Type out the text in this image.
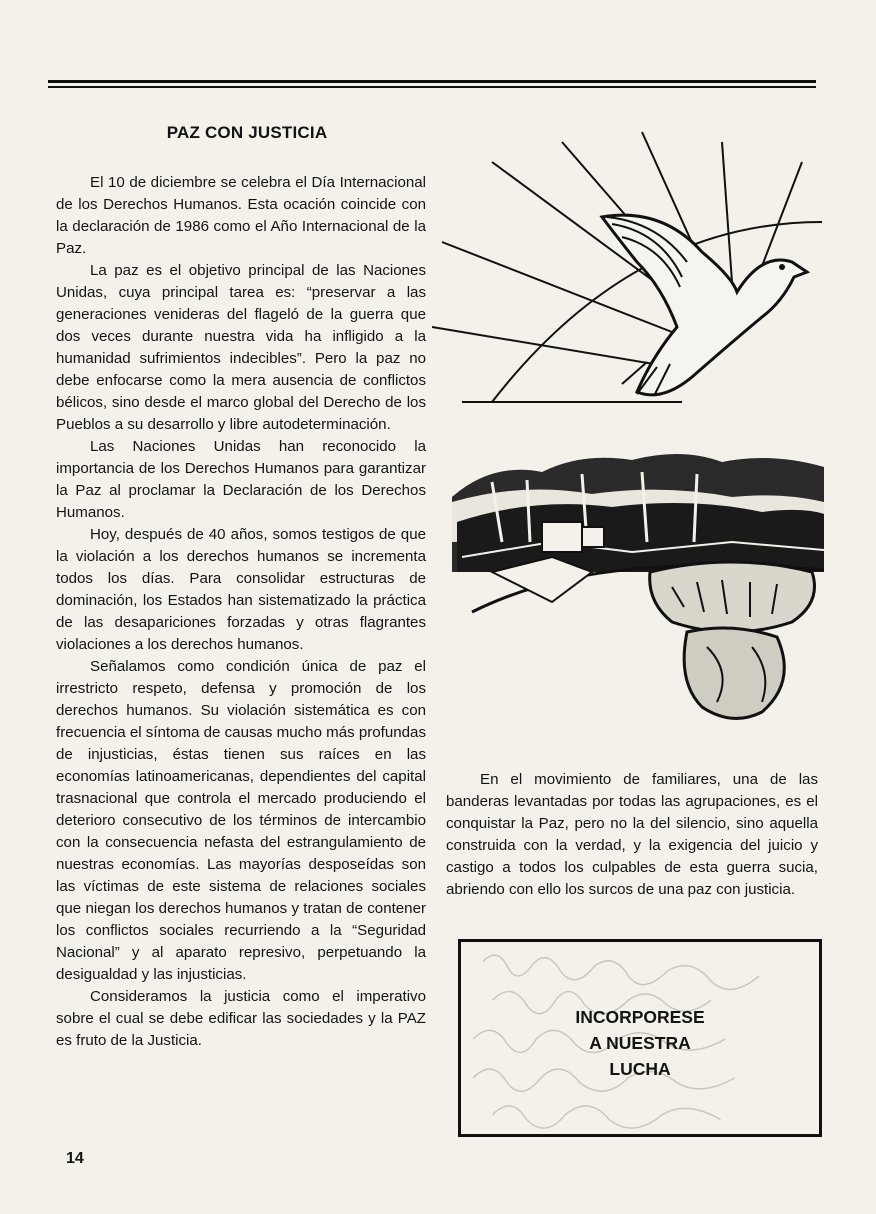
PAZ CON JUSTICIA

El 10 de diciembre se celebra el Día Internacional de los Derechos Humanos. Esta ocación coincide con la declaración de 1986 como el Año Internacional de la Paz.

La paz es el objetivo principal de las Naciones Unidas, cuya principal tarea es: “preservar a las generaciones venideras del flageló de la guerra que dos veces durante nuestra vida ha infligido a la humanidad sufrimientos indecibles”. Pero la paz no debe enfocarse como la mera ausencia de conflictos bélicos, sino desde el marco global del Derecho de los Pueblos a su desarrollo y libre autodeterminación.

Las Naciones Unidas han reconocido la importancia de los Derechos Humanos para garantizar la Paz al proclamar la Declaración de los Derechos Humanos.

Hoy, después de 40 años, somos testigos de que la violación a los derechos humanos se incrementa todos los días. Para consolidar estructuras de dominación, los Estados han sistematizado la práctica de las desapariciones forzadas y otras flagrantes violaciones a los derechos humanos.

Señalamos como condición única de paz el irrestricto respeto, defensa y promoción de los derechos humanos. Su violación sistemática es con frecuencia el síntoma de causas mucho más profundas de injusticias, éstas tienen sus raíces en las economías latinoamericanas, dependientes del capital trasnacional que controla el mercado produciendo el deterioro consecutivo de los términos de intercambio con la consecuencia nefasta del estrangulamiento de nuestras economías. Las mayorías desposeídas son las víctimas de este sistema de relaciones sociales que niegan los derechos humanos y tratan de contener los conflictos sociales recurriendo a la “Seguridad Nacional” y al aparato represivo, perpetuando la desigualdad y las injusticias.

Consideramos la justicia como el imperativo sobre el cual se debe edificar las sociedades y la PAZ es fruto de la Justicia.

En el movimiento de familiares, una de las banderas levantadas por todas las agrupaciones, es el conquistar la Paz, pero no la del silencio, sino aquella construida con la verdad, y la exigencia del juicio y castigo a todos los culpables de esta guerra sucia, abriendo con ello los surcos de una paz con justicia.

INCORPORESE
A NUESTRA
LUCHA
14
